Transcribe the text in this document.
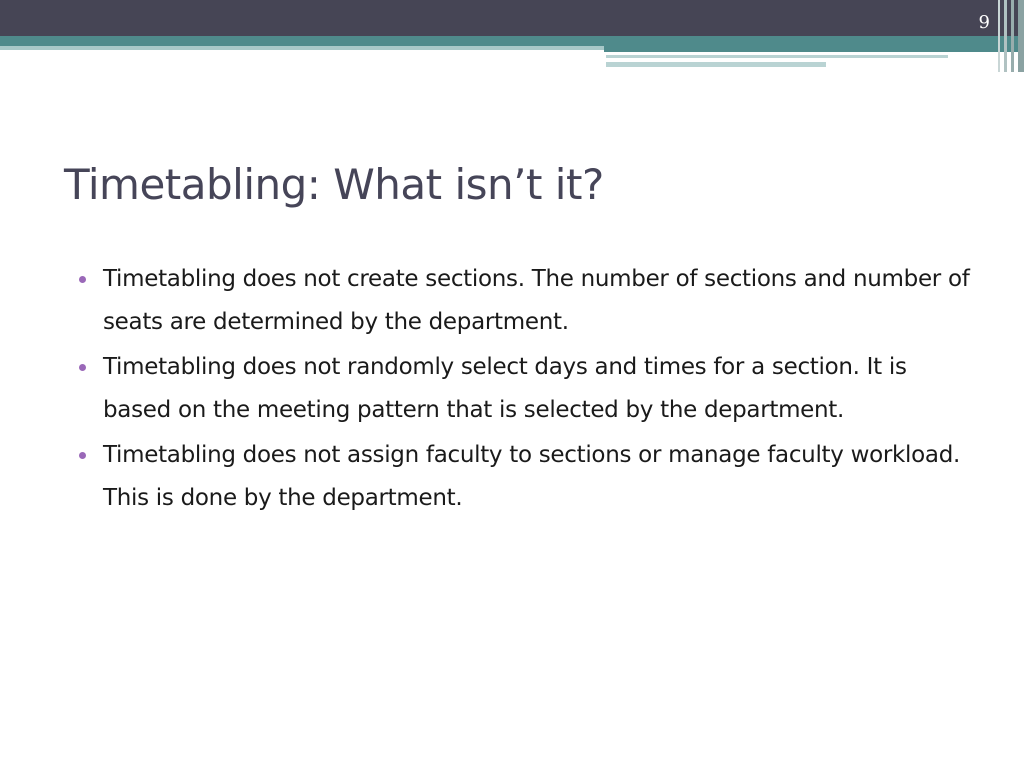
9
Timetabling: What isn’t it?
Timetabling does not create sections. The number of sections and number of seats are determined by the department.
Timetabling does not randomly select days and times for a section. It is based on the meeting pattern that is selected by the department.
Timetabling does not assign faculty to sections or manage faculty workload. This is done by the department.
